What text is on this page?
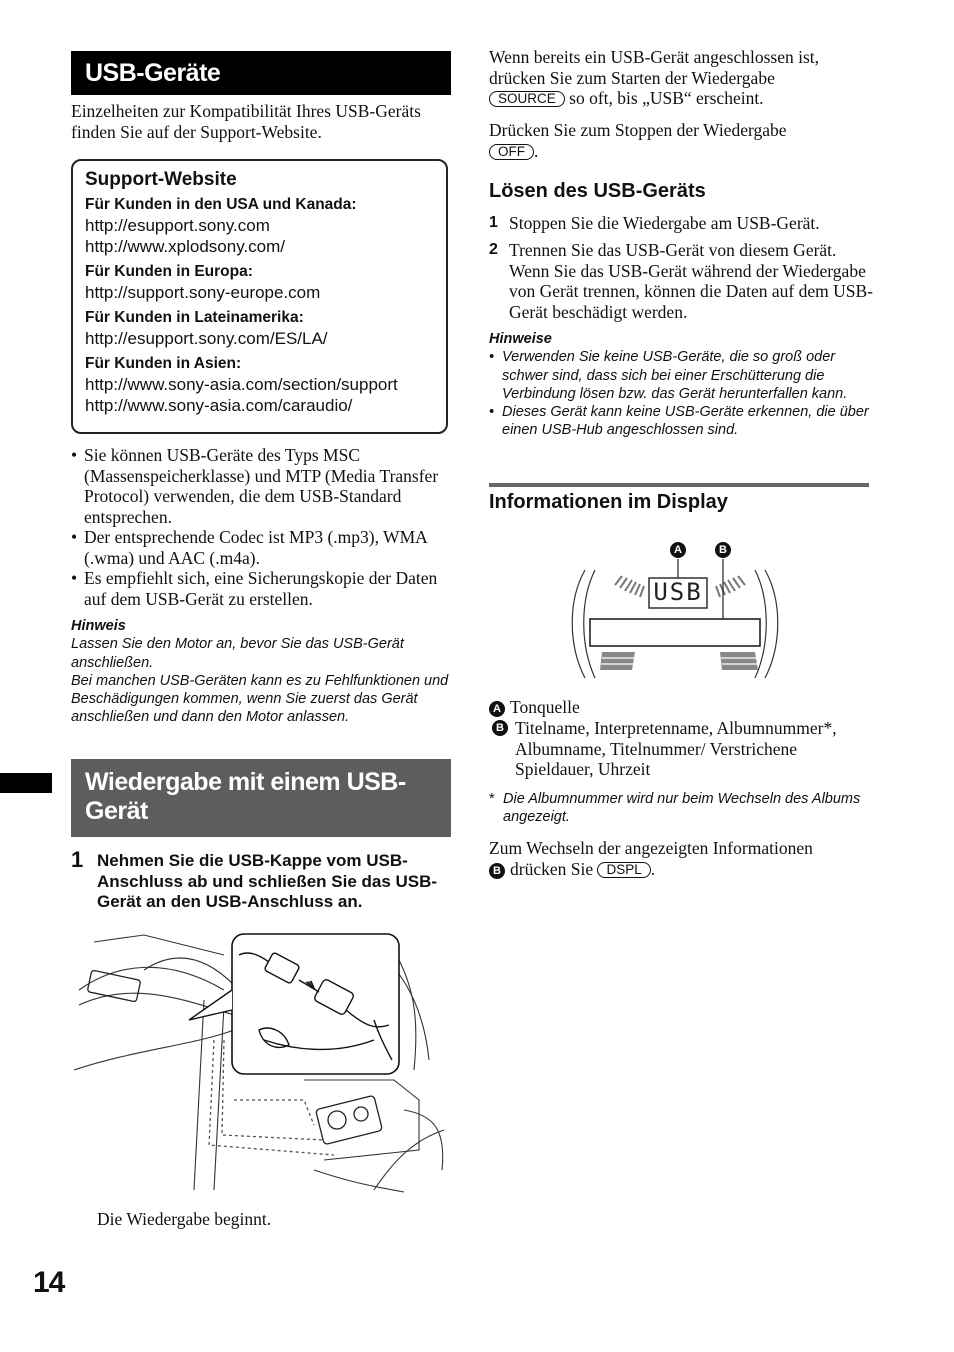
USB-Geräte
Einzelheiten zur Kompatibilität Ihres USB-Geräts finden Sie auf der Support-Website.
Support-Website
Für Kunden in den USA und Kanada:
http://esupport.sony.com
http://www.xplodsony.com/
Für Kunden in Europa:
http://support.sony-europe.com
Für Kunden in Lateinamerika:
http://esupport.sony.com/ES/LA/
Für Kunden in Asien:
http://www.sony-asia.com/section/support
http://www.sony-asia.com/caraudio/
• Sie können USB-Geräte des Typs MSC (Massenspeicherklasse) und MTP (Media Transfer Protocol) verwenden, die dem USB-Standard entsprechen.
• Der entsprechende Codec ist MP3 (.mp3), WMA (.wma) und AAC (.m4a).
• Es empfiehlt sich, eine Sicherungskopie der Daten auf dem USB-Gerät zu erstellen.
Hinweis
Lassen Sie den Motor an, bevor Sie das USB-Gerät anschließen.
Bei manchen USB-Geräten kann es zu Fehlfunktionen und Beschädigungen kommen, wenn Sie zuerst das Gerät anschließen und dann den Motor anlassen.
Wiedergabe mit einem USB-Gerät
1 Nehmen Sie die USB-Kappe vom USB-Anschluss ab und schließen Sie das USB-Gerät an den USB-Anschluss an.
Die Wiedergabe beginnt.
14
Wenn bereits ein USB-Gerät angeschlossen ist, drücken Sie zum Starten der Wiedergabe
SOURCE so oft, bis „USB“ erscheint.
Drücken Sie zum Stoppen der Wiedergabe
OFF .
Lösen des USB-Geräts
1 Stoppen Sie die Wiedergabe am USB-Gerät.
2 Trennen Sie das USB-Gerät von diesem Gerät. Wenn Sie das USB-Gerät während der Wiedergabe von Gerät trennen, können die Daten auf dem USB-Gerät beschädigt werden.
Hinweise
• Verwenden Sie keine USB-Geräte, die so groß oder schwer sind, dass sich bei einer Erschütterung die Verbindung lösen bzw. das Gerät herunterfallen kann.
• Dieses Gerät kann keine USB-Geräte erkennen, die über einen USB-Hub angeschlossen sind.
Informationen im Display
USB
A	B
A Tonquelle
B Titelname, Interpretenname, Albumnummer*, Albumname, Titelnummer/ Verstrichene Spieldauer, Uhrzeit
* Die Albumnummer wird nur beim Wechseln des Albums angezeigt.
Zum Wechseln der angezeigten Informationen
B drücken Sie DSPL .
